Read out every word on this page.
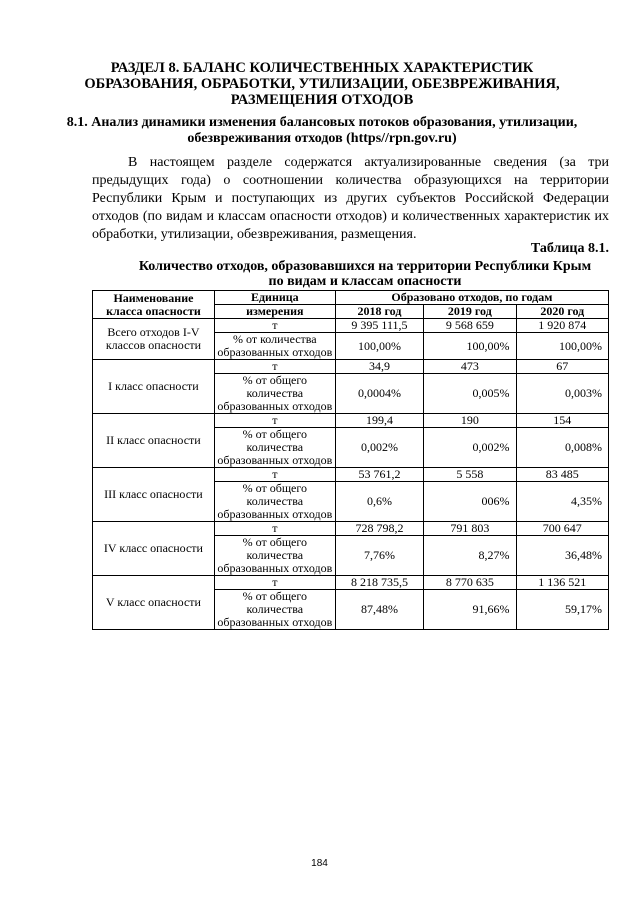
РАЗДЕЛ 8. БАЛАНС КОЛИЧЕСТВЕННЫХ ХАРАКТЕРИСТИК ОБРАЗОВАНИЯ, ОБРАБОТКИ, УТИЛИЗАЦИИ, ОБЕЗВРЕЖИВАНИЯ, РАЗМЕЩЕНИЯ ОТХОДОВ
8.1. Анализ динамики изменения балансовых потоков образования, утилизации, обезвреживания отходов (https//rpn.gov.ru)
В настоящем разделе содержатся актуализированные сведения (за три предыдущих года) о соотношении количества образующихся на территории Республики Крым и поступающих из других субъектов Российской Федерации отходов (по видам и классам опасности отходов) и количественных характеристик их обработки, утилизации, обезвреживания, размещения.
Таблица 8.1.
Количество отходов, образовавшихся на территории Республики Крым по видам и классам опасности
Наименование класса опасности	Единица	Образовано отходов, по годам		
	измерения	2018 год	2019 год	2020 год
Всего отходов I-V классов опасности	т	9 395 111,5	9 568 659	1 920 874
	% от количества образованных отходов	100,00%	100,00%	100,00%
I класс опасности	т	34,9	473	67
	% от общего количества образованных отходов	0,0004%	0,005%	0,003%
II класс опасности	т	199,4	190	154
	% от общего количества образованных отходов	0,002%	0,002%	0,008%
III класс опасности	т	53 761,2	5 558	83 485
	% от общего количества образованных отходов	0,6%	006%	4,35%
IV класс опасности	т	728 798,2	791 803	700 647
	% от общего количества образованных отходов	7,76%	8,27%	36,48%
V класс опасности	т	8 218 735,5	8 770 635	1 136 521
	% от общего количества образованных отходов	87,48%	91,66%	59,17%
184
